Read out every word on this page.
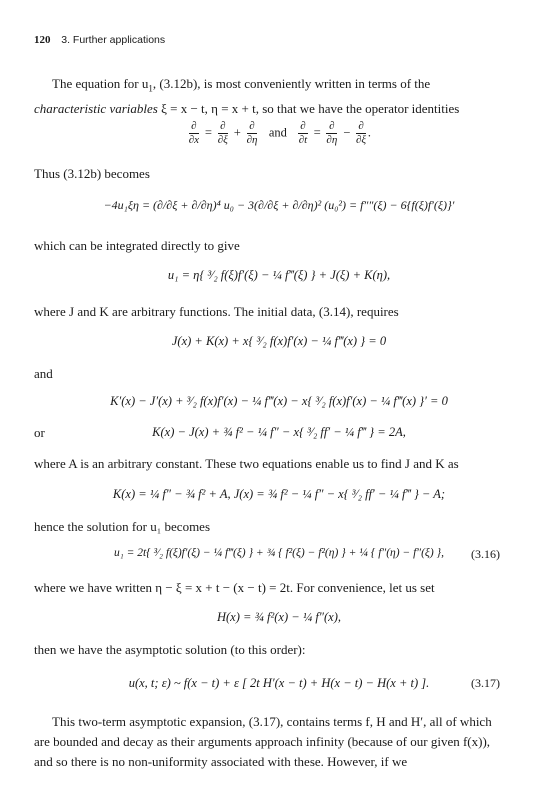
120 3. Further applications
The equation for $u_1$, (3.12b), is most conveniently written in terms of the characteristic variables ξ = x − t, η = x + t, so that we have the operator identities
∂
∂x
= ∂
∂ξ
+ ∂
∂η
and ∂
∂t
= ∂
∂η
− ∂
∂ξ
.
Thus (3.12b) becomes
−4u₁ξη = (∂/∂ξ + ∂/∂η)⁴ u₀ − 3(∂/∂ξ + ∂/∂η)² (u₀²) = f″″(ξ) − 6{f(ξ)f′(ξ)}′
which can be integrated directly to give
u₁ = η{ ³⁄₂ f(ξ)f′(ξ) − ¼ f‴(ξ) } + J(ξ) + K(η),
where J and K are arbitrary functions. The initial data, (3.14), requires
J(x) + K(x) + x{ ³⁄₂ f(x)f′(x) − ¼ f‴(x) } = 0
and
K′(x) − J′(x) + ³⁄₂ f(x)f′(x) − ¼ f‴(x) − x{ ³⁄₂ f(x)f′(x) − ¼ f‴(x) }′ = 0
or	K(x) − J(x) + ¾ f² − ¼ f″ − x{ ³⁄₂ ff′ − ¼ f‴ } = 2A,
where A is an arbitrary constant. These two equations enable us to find J and K as
K(x) = ¼ f″ − ¾ f² + A, J(x) = ¾ f² − ¼ f″ − x{ ³⁄₂ ff′ − ¼ f‴ } − A;
hence the solution for u₁ becomes
u₁ = 2t{ ³⁄₂ f(ξ)f′(ξ) − ¼ f‴(ξ) } + ¾ { f²(ξ) − f²(η) } + ¼ { f″(η) − f″(ξ) }, (3.16)
where we have written η − ξ = x + t − (x − t) = 2t. For convenience, let us set
H(x) = ¾ f²(x) − ¼ f″(x),
then we have the asymptotic solution (to this order):
u(x, t; ε) ~ f(x − t) + ε [ 2t H′(x − t) + H(x − t) − H(x + t) ].	(3.17)
This two-term asymptotic expansion, (3.17), contains terms f, H and H′, all of which are bounded and decay as their arguments approach infinity (because of our given f(x)), and so there is no non-uniformity associated with these. However, if we
